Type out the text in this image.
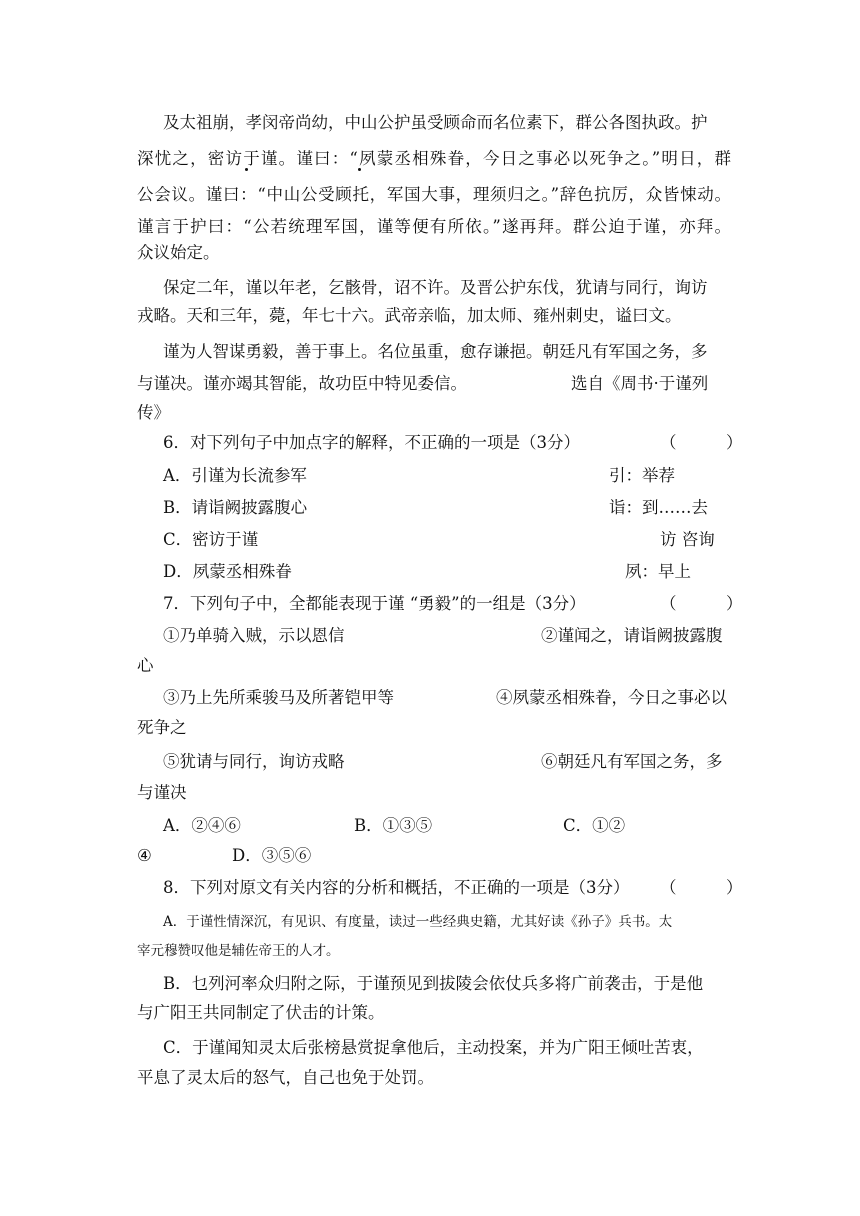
及太祖崩，孝闵帝尚幼，中山公护虽受顾命而名位素下，群公各图执政。护
深忧之，密访于谨。谨曰：“夙蒙丞相殊眷，今日之事必以死争之。”明日，群
公会议。谨曰：“中山公受顾托，军国大事，理须归之。”辞色抗厉，众皆悚动。
谨言于护曰：“公若统理军国，谨等便有所依。”遂再拜。群公迫于谨，亦拜。
众议始定。
保定二年，谨以年老，乞骸骨，诏不许。及晋公护东伐，犹请与同行，询访
戎略。天和三年，薨，年七十六。武帝亲临，加太师、雍州刺史，谥曰文。
谨为人智谋勇毅，善于事上。名位虽重，愈存谦挹。朝廷凡有军国之务，多
与谨决。谨亦竭其智能，故功臣中特见委信。	选自《周书·于谨列
传》
6．对下列句子中加点字的解释，不正确的一项是（3分）	（　　　）
A．引谨为长流参军	引：举荐
B．请诣阙披露腹心	诣：到……去
C．密访于谨	访 咨询
D．夙蒙丞相殊眷	夙：早上
7．下列句子中，全都能表现于谨 “勇毅”的一组是（3分）	（　　　）
①乃单骑入贼，示以恩信	②谨闻之，请诣阙披露腹
心
③乃上先所乘骏马及所著铠甲等	④夙蒙丞相殊眷，今日之事必以
死争之
⑤犹请与同行，询访戎略	⑥朝廷凡有军国之务，多
与谨决
A．②④⑥	B．①③⑤	C．①②
④	D．③⑤⑥
8．下列对原文有关内容的分析和概括，不正确的一项是（3分） （　　　）
A．于谨性情深沉，有见识、有度量，读过一些经典史籍，尤其好读《孙子》兵书。太
宰元穆赞叹他是辅佐帝王的人才。
B．乜列河率众归附之际，于谨预见到拔陵会依仗兵多将广前袭击，于是他
与广阳王共同制定了伏击的计策。
C．于谨闻知灵太后张榜悬赏捉拿他后，主动投案，并为广阳王倾吐苦衷，
平息了灵太后的怒气，自己也免于处罚。
